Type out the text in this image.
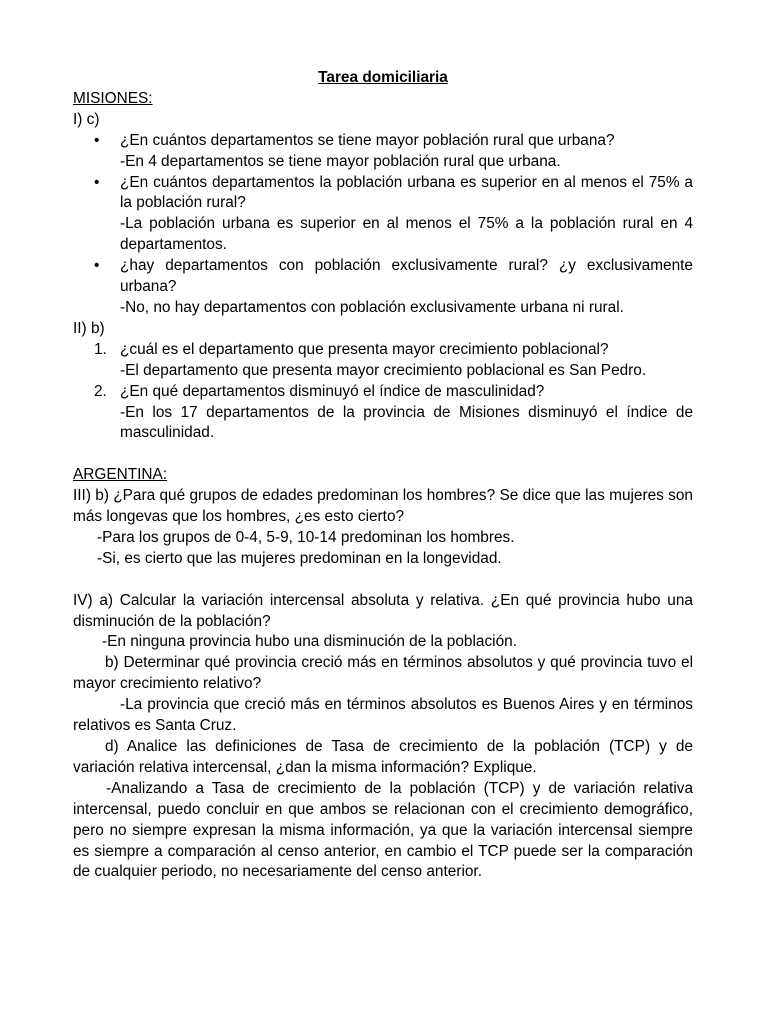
Tarea domiciliaria
MISIONES:
I) c)
•	¿En cuántos departamentos se tiene mayor población rural que urbana?
-En 4 departamentos se tiene mayor población rural que urbana.
•	¿En cuántos departamentos la población urbana es superior en al menos el 75% a la población rural?
-La población urbana es superior en al menos el 75% a la población rural en 4 departamentos.
•	¿hay departamentos con población exclusivamente rural? ¿y exclusivamente urbana?
-No, no hay departamentos con población exclusivamente urbana ni rural.
II) b)
1. ¿cuál es el departamento que presenta mayor crecimiento poblacional?
-El departamento que presenta mayor crecimiento poblacional es San Pedro.
2. ¿En qué departamentos disminuyó el índice de masculinidad?
-En los 17 departamentos de la provincia de Misiones disminuyó el índice de masculinidad.
ARGENTINA:
III) b) ¿Para qué grupos de edades predominan los hombres? Se dice que las mujeres son más longevas que los hombres, ¿es esto cierto?
-Para los grupos de 0-4, 5-9, 10-14 predominan los hombres.
-Si, es cierto que las mujeres predominan en la longevidad.
IV) a) Calcular la variación intercensal absoluta y relativa. ¿En qué provincia hubo una disminución de la población?
-En ninguna provincia hubo una disminución de la población.
b) Determinar qué provincia creció más en términos absolutos y qué provincia tuvo el mayor crecimiento relativo?
-La provincia que creció más en términos absolutos es Buenos Aires y en términos relativos es Santa Cruz.
d) Analice las definiciones de Tasa de crecimiento de la población (TCP) y de variación relativa intercensal, ¿dan la misma información? Explique.
-Analizando a Tasa de crecimiento de la población (TCP) y de variación relativa intercensal, puedo concluir en que ambos se relacionan con el crecimiento demográfico, pero no siempre expresan la misma información, ya que la variación intercensal siempre es siempre a comparación al censo anterior, en cambio el TCP puede ser la comparación de cualquier periodo, no necesariamente del censo anterior.
